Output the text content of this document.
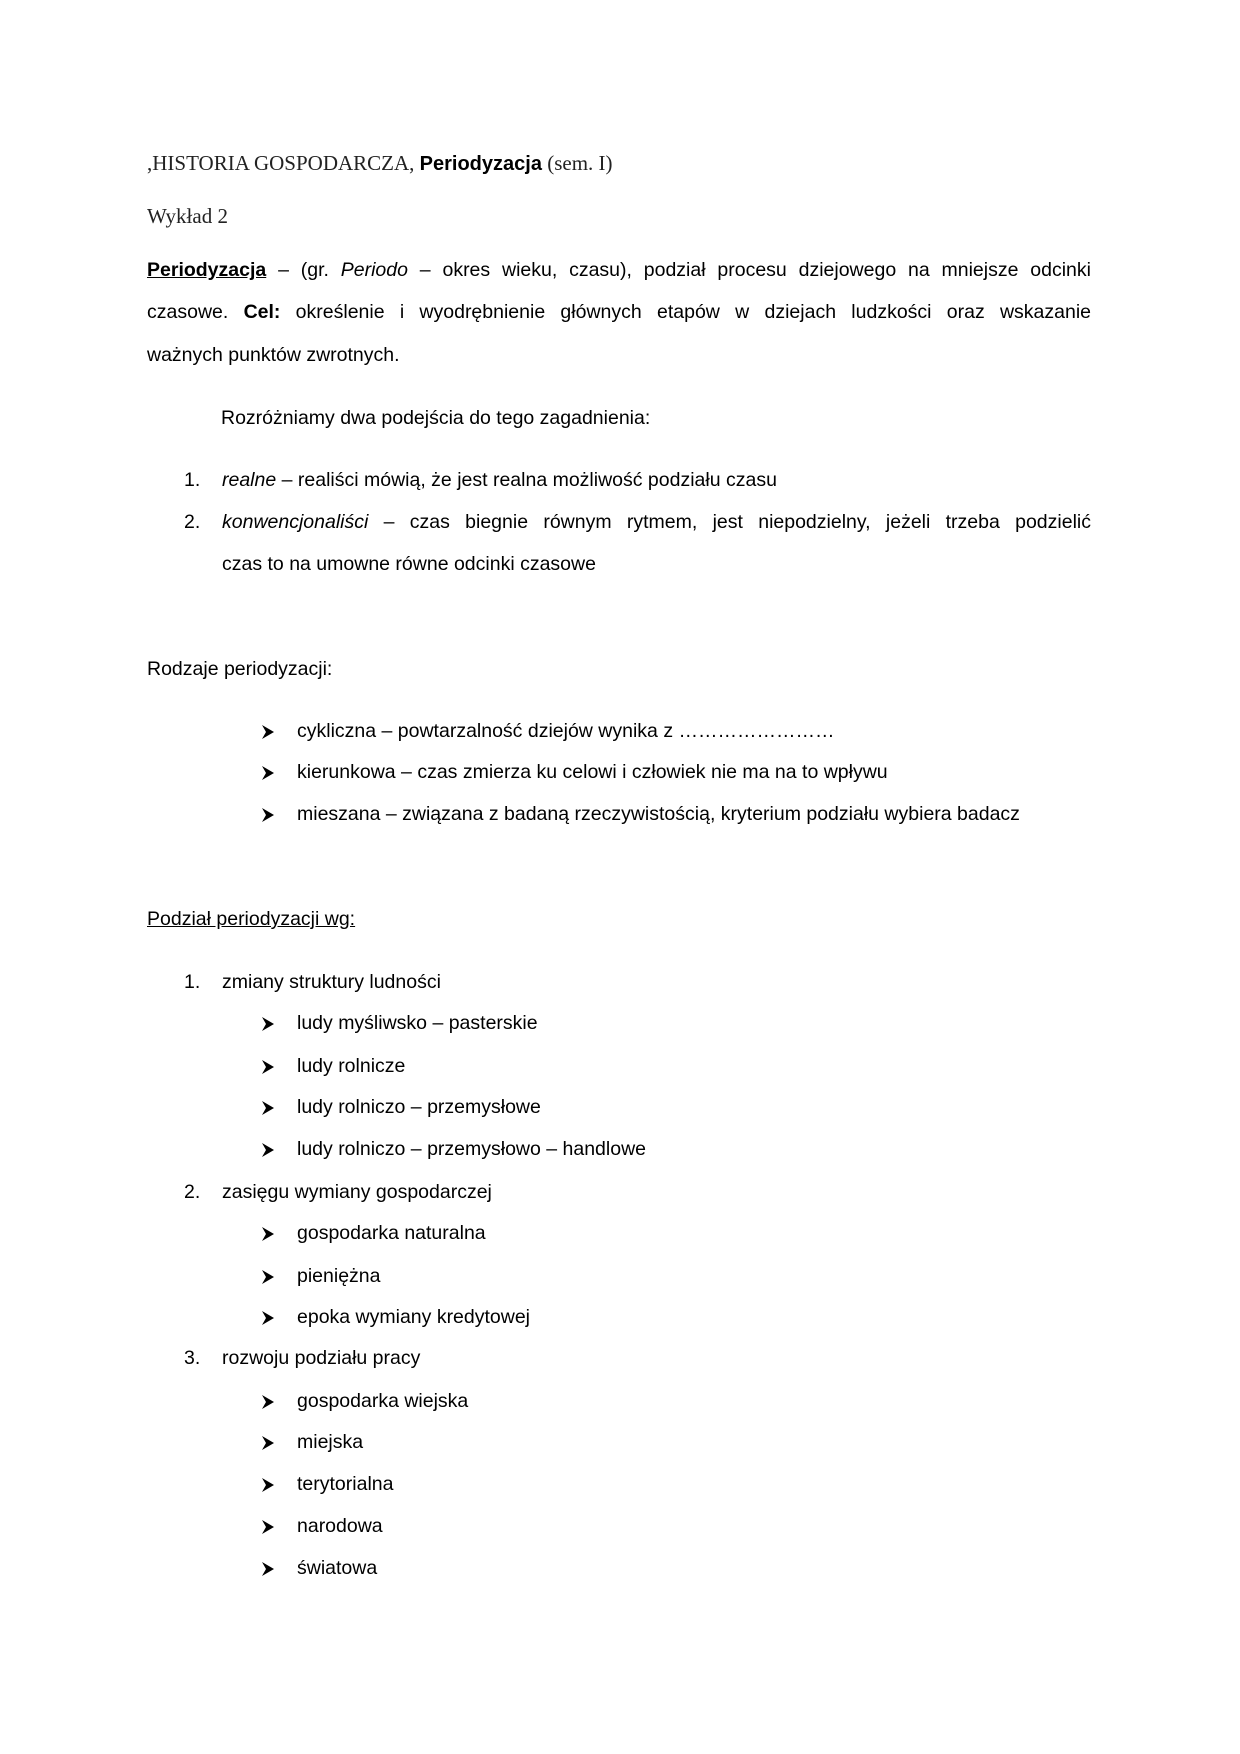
,HISTORIA GOSPODARCZA, Periodyzacja (sem. I)
Wykład 2
Periodyzacja – (gr. Periodo – okres wieku, czasu), podział procesu dziejowego na mniejsze odcinki
czasowe. Cel: określenie i wyodrębnienie głównych etapów w dziejach ludzkości oraz wskazanie
ważnych punktów zwrotnych.
Rozróżniamy dwa podejścia do tego zagadnienia:
1. realne – realiści mówią, że jest realna możliwość podziału czasu
2. konwencjonaliści – czas biegnie równym rytmem, jest niepodzielny, jeżeli trzeba podzielić
czas to na umowne równe odcinki czasowe
Rodzaje periodyzacji:
Podział periodyzacji wg:
cykliczna – powtarzalność dziejów wynika z ……………………
kierunkowa – czas zmierza ku celowi i człowiek nie ma na to wpływu
mieszana – związana z badaną rzeczywistością, kryterium podziału wybiera badacz
1. zmiany struktury ludności
ludy myśliwsko – pasterskie
ludy rolnicze
ludy rolniczo – przemysłowe
ludy rolniczo – przemysłowo – handlowe
2. zasięgu wymiany gospodarczej
gospodarka naturalna
pieniężna
epoka wymiany kredytowej
3. rozwoju podziału pracy
gospodarka wiejska
miejska
terytorialna
narodowa
światowa
